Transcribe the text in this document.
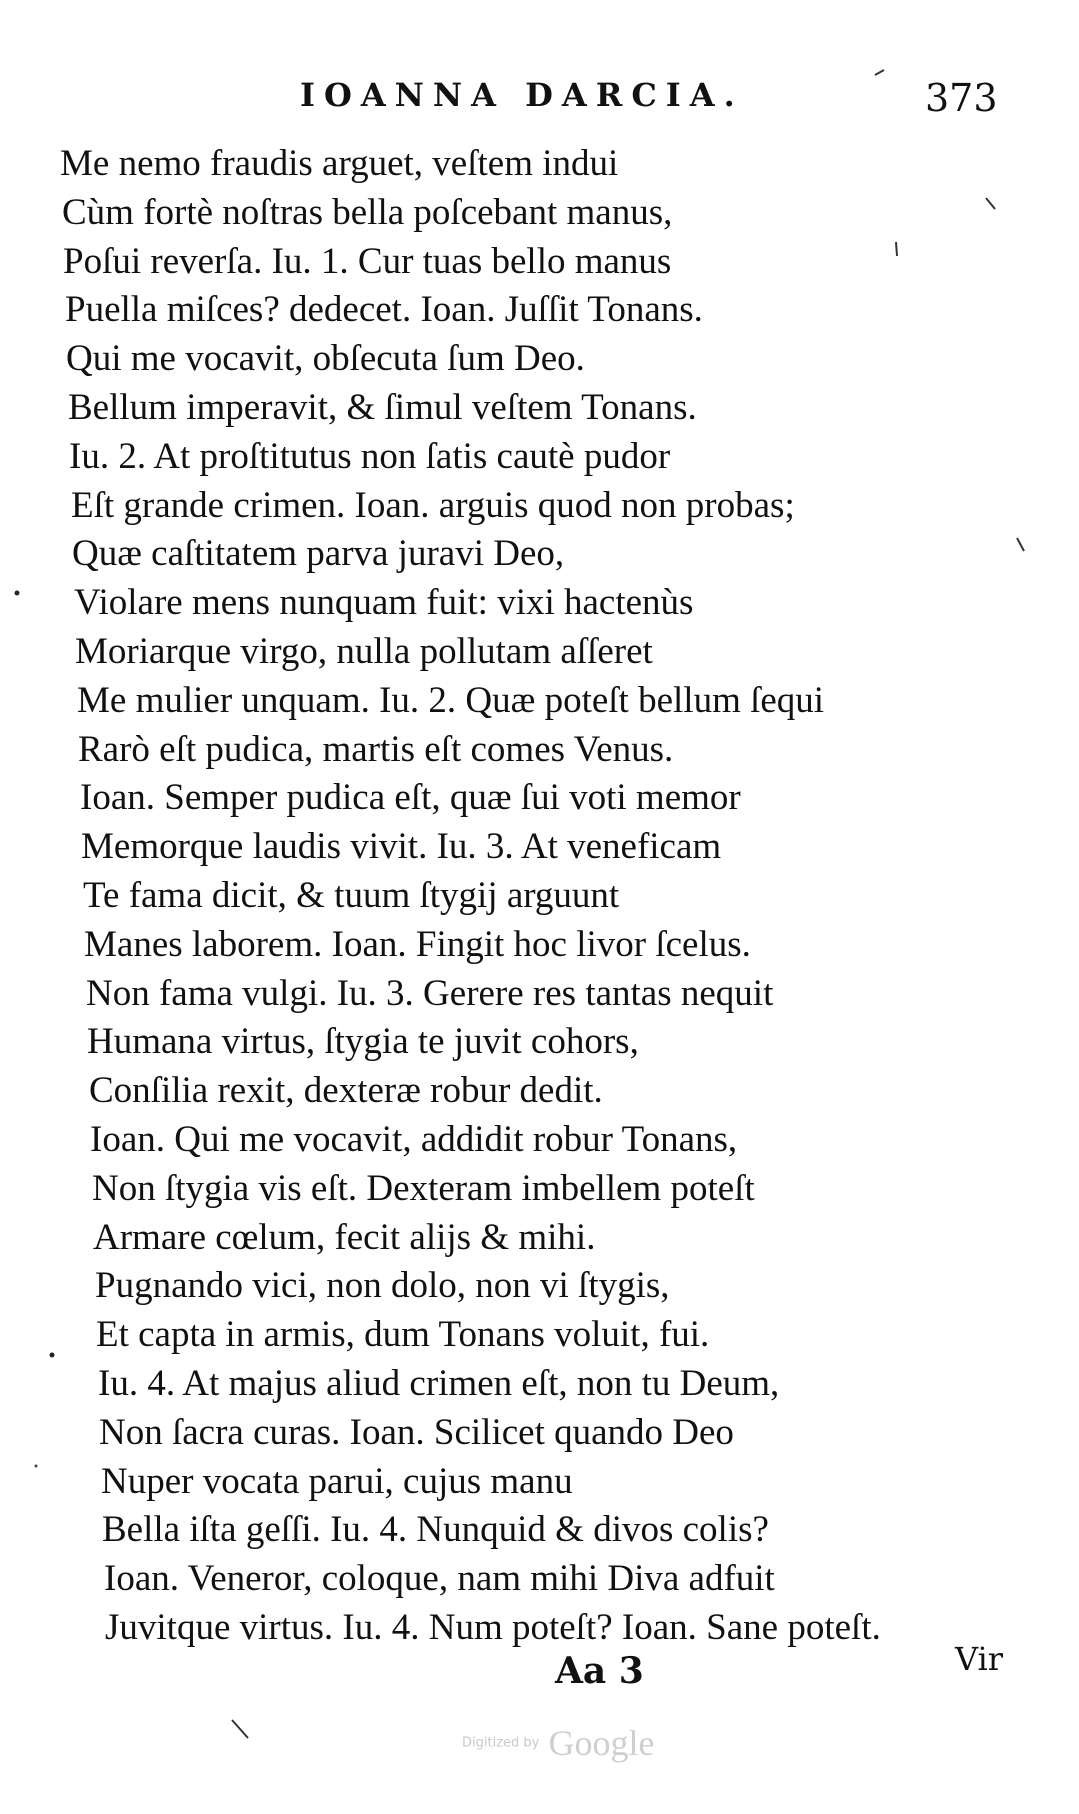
IOANNA DARCIA.	373
Me nemo fraudis arguet, veſtem indui
Cùm fortè noſtras bella poſcebant manus,
Poſui reverſa. Iu. 1. Cur tuas bello manus
Puella miſces? dedecet. Ioan. Juſſit Tonans.
Qui me vocavit, obſecuta ſum Deo.
Bellum imperavit, & ſimul veſtem Tonans.
Iu. 2. At proſtitutus non ſatis cautè pudor
Eſt grande crimen. Ioan. arguis quod non probas;
Quæ caſtitatem parva juravi Deo,
Violare mens nunquam fuit: vixi hactenùs
Moriarque virgo, nulla pollutam aſſeret
Me mulier unquam. Iu. 2. Quæ poteſt bellum ſequi
Rarò eſt pudica, martis eſt comes Venus.
Ioan. Semper pudica eſt, quæ ſui voti memor
Memorque laudis vivit. Iu. 3. At veneficam
Te fama dicit, & tuum ſtygij arguunt
Manes laborem. Ioan. Fingit hoc livor ſcelus.
Non fama vulgi. Iu. 3. Gerere res tantas nequit
Humana virtus, ſtygia te juvit cohors,
Conſilia rexit, dexteræ robur dedit.
Ioan. Qui me vocavit, addidit robur Tonans,
Non ſtygia vis eſt. Dexteram imbellem poteſt
Armare cœlum, fecit alijs & mihi.
Pugnando vici, non dolo, non vi ſtygis,
Et capta in armis, dum Tonans voluit, fui.
Iu. 4. At majus aliud crimen eſt, non tu Deum,
Non ſacra curas. Ioan. Scilicet quando Deo
Nuper vocata parui, cujus manu
Bella iſta geſſi. Iu. 4. Nunquid & divos colis?
Ioan. Veneror, coloque, nam mihi Diva adfuit
Juvitque virtus. Iu. 4. Num poteſt? Ioan. Sane poteſt.
Aa 3	Vir
Digitized by Google
